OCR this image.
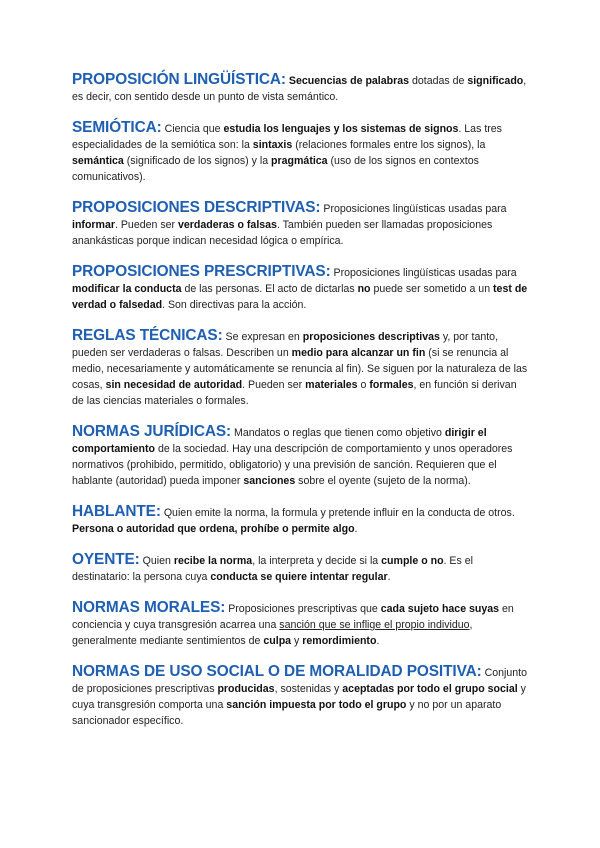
PROPOSICIÓN LINGÜÍSTICA: Secuencias de palabras dotadas de significado, es decir, con sentido desde un punto de vista semántico.

SEMIÓTICA: Ciencia que estudia los lenguajes y los sistemas de signos. Las tres especialidades de la semiótica son: la sintaxis (relaciones formales entre los signos), la semántica (significado de los signos) y la pragmática (uso de los signos en contextos comunicativos).

PROPOSICIONES DESCRIPTIVAS: Proposiciones lingüísticas usadas para informar. Pueden ser verdaderas o falsas. También pueden ser llamadas proposiciones anankásticas porque indican necesidad lógica o empírica.

PROPOSICIONES PRESCRIPTIVAS: Proposiciones lingüísticas usadas para modificar la conducta de las personas. El acto de dictarlas no puede ser sometido a un test de verdad o falsedad. Son directivas para la acción.

REGLAS TÉCNICAS: Se expresan en proposiciones descriptivas y, por tanto, pueden ser verdaderas o falsas. Describen un medio para alcanzar un fin (si se renuncia al medio, necesariamente y automáticamente se renuncia al fin). Se siguen por la naturaleza de las cosas, sin necesidad de autoridad. Pueden ser materiales o formales, en función si derivan de las ciencias materiales o formales.

NORMAS JURÍDICAS: Mandatos o reglas que tienen como objetivo dirigir el comportamiento de la sociedad. Hay una descripción de comportamiento y unos operadores normativos (prohibido, permitido, obligatorio) y una previsión de sanción. Requieren que el hablante (autoridad) pueda imponer sanciones sobre el oyente (sujeto de la norma).

HABLANTE: Quien emite la norma, la formula y pretende influir en la conducta de otros. Persona o autoridad que ordena, prohíbe o permite algo.

OYENTE: Quien recibe la norma, la interpreta y decide si la cumple o no. Es el destinatario: la persona cuya conducta se quiere intentar regular.

NORMAS MORALES: Proposiciones prescriptivas que cada sujeto hace suyas en conciencia y cuya transgresión acarrea una sanción que se inflige el propio individuo, generalmente mediante sentimientos de culpa y remordimiento.

NORMAS DE USO SOCIAL O DE MORALIDAD POSITIVA: Conjunto de proposiciones prescriptivas producidas, sostenidas y aceptadas por todo el grupo social y cuya transgresión comporta una sanción impuesta por todo el grupo y no por un aparato sancionador específico.
